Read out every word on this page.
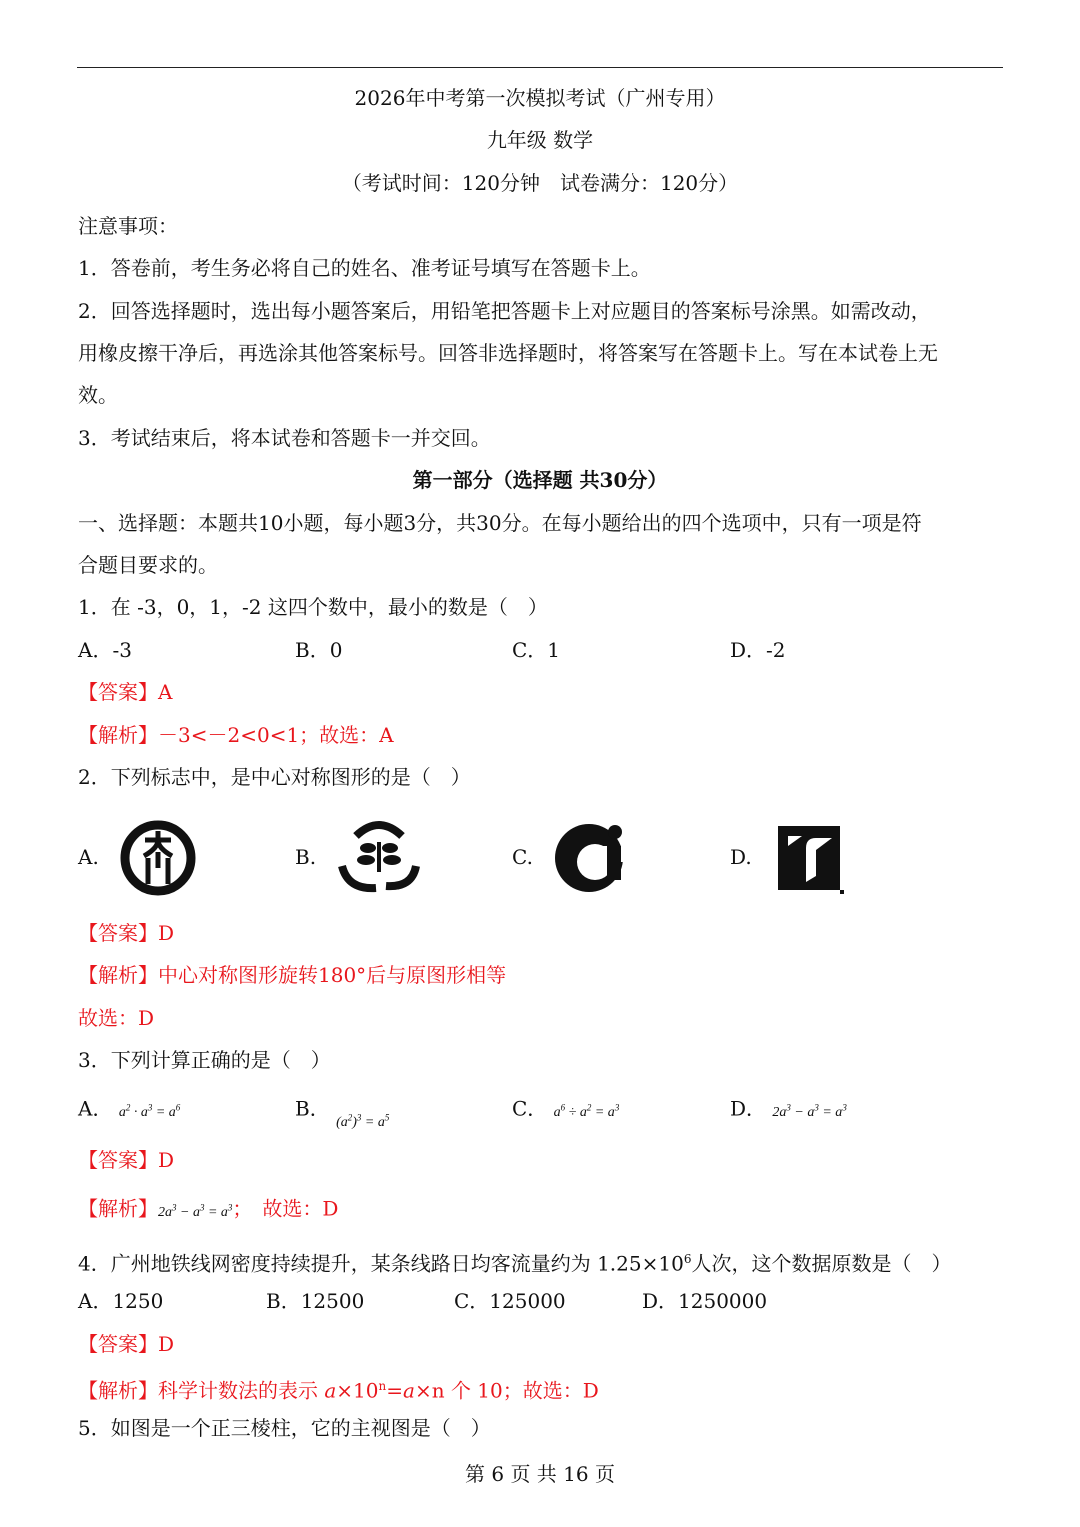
2026年中考第一次模拟考试（广州专用）
九年级 数学
（考试时间：120分钟　试卷满分：120分）
注意事项：
1．答卷前，考生务必将自己的姓名、准考证号填写在答题卡上。
2．回答选择题时，选出每小题答案后，用铅笔把答题卡上对应题目的答案标号涂黑。如需改动，
用橡皮擦干净后，再选涂其他答案标号。回答非选择题时，将答案写在答题卡上。写在本试卷上无
效。
3．考试结束后，将本试卷和答题卡一并交回。
第一部分（选择题 共30分）
一、选择题：本题共10小题，每小题3分，共30分。在每小题给出的四个选项中，只有一项是符
合题目要求的。
1．在 -3，0，1，-2 这四个数中，最小的数是（　）
A．-3	B．0	C．1	D．-2
【答案】A
【解析】－3<－2<0<1；故选：A
2．下列标志中，是中心对称图形的是（　）
A.	B.	C.	D.
【答案】D
【解析】中心对称图形旋转180°后与原图形相等
故选：D
3．下列计算正确的是（　）
A． $a^2 \cdot a^3 = a^6$	B． $_{(a^2)^3 = a^5}$	C． $a^6 \div a^2 = a^3$	D． $2a^3 - a^3 = a^3$
【答案】D
【解析】$2a^3 - a^3 = a^3$；　故选：D
4．广州地铁线网密度持续提升，某条线路日均客流量约为 $1.25\times 10^6$人次，这个数据原数是（　）
A．1250	B．12500	C．125000	D．1250000
【答案】D
【解析】科学计数法的表示 $a\times 10^n=a\times n$ 个 10；故选：D
5．如图是一个正三棱柱，它的主视图是（　）
第 6 页 共 16 页
